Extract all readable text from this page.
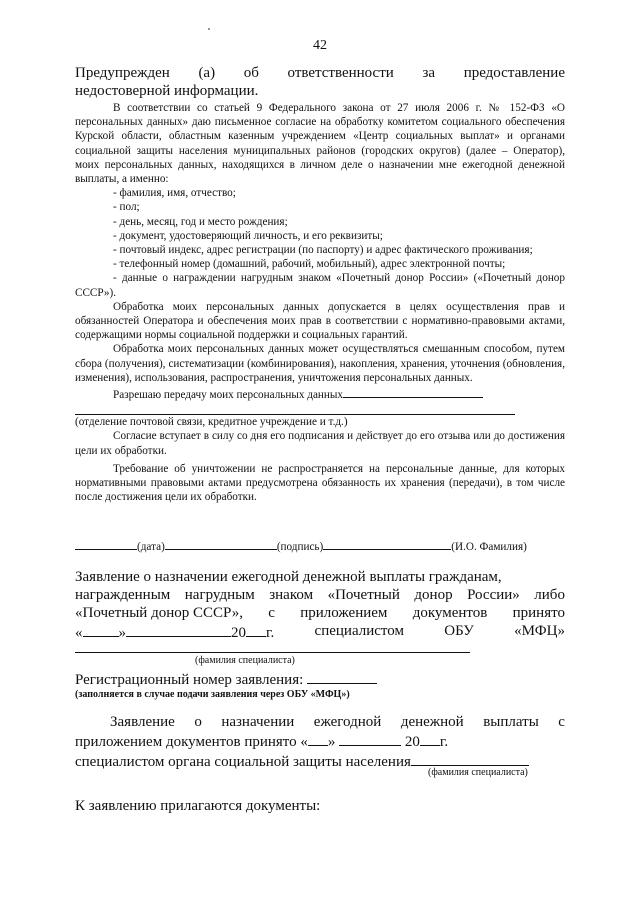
42
Предупрежден (а) об ответственности за предоставление
недостоверной информации.

В соответствии со статьей 9 Федерального закона от 27 июля 2006 г. № 152-ФЗ «О персональных данных» даю письменное согласие на обработку комитетом социального обеспечения Курской области, областным казенным учреждением «Центр социальных выплат» и органами социальной защиты населения муниципальных районов (городских округов) (далее – Оператор), моих персональных данных, находящихся в личном деле о назначении мне ежегодной денежной выплаты, а именно:

- фамилия, имя, отчество;

- пол;

- день, месяц, год и место рождения;

- документ, удостоверяющий личность, и его реквизиты;

- почтовый индекс, адрес регистрации (по паспорту) и адрес фактического проживания;

- телефонный номер (домашний, рабочий, мобильный), адрес электронной почты;

- данные о награждении нагрудным знаком «Почетный донор России» («Почетный донор СССР»).

Обработка моих персональных данных допускается в целях осуществления прав и обязанностей Оператора и обеспечения моих прав в соответствии с нормативно-правовыми актами, содержащими нормы социальной поддержки и социальных гарантий.

Обработка моих персональных данных может осуществляться смешанным способом, путем сбора (получения), систематизации (комбинирования), накопления, хранения, уточнения (обновления, изменения), использования, распространения, уничтожения персональных данных.

Разрешаю передачу моих персональных данных

(отделение почтовой связи, кредитное учреждение и т.д.)

Согласие вступает в силу со дня его подписания и действует до его отзыва или до достижения цели их обработки.

Требование об уничтожении не распространяется на персональные данные, для которых нормативными правовыми актами предусмотрена обязанность их хранения (передачи), в том числе после достижения цели их обработки.

(дата)	(подпись)	(И.О. Фамилия)
Заявление о назначении ежегодной денежной выплаты гражданам,
награжденным нагрудным знаком «Почетный донор России» либо
«Почетный донор СССР», с приложением документов принято
« »	20 г.	специалистом	ОБУ	«МФЦ»
(фамилия специалиста)
Регистрационный номер заявления:
(заполняется в случае подачи заявления через ОБУ «МФЦ»)
Заявление о назначении ежегодной денежной выплаты с
приложением документов принято « »	20 г.
специалистом органа социальной защиты населения
(фамилия специалиста)
К заявлению прилагаются документы:
